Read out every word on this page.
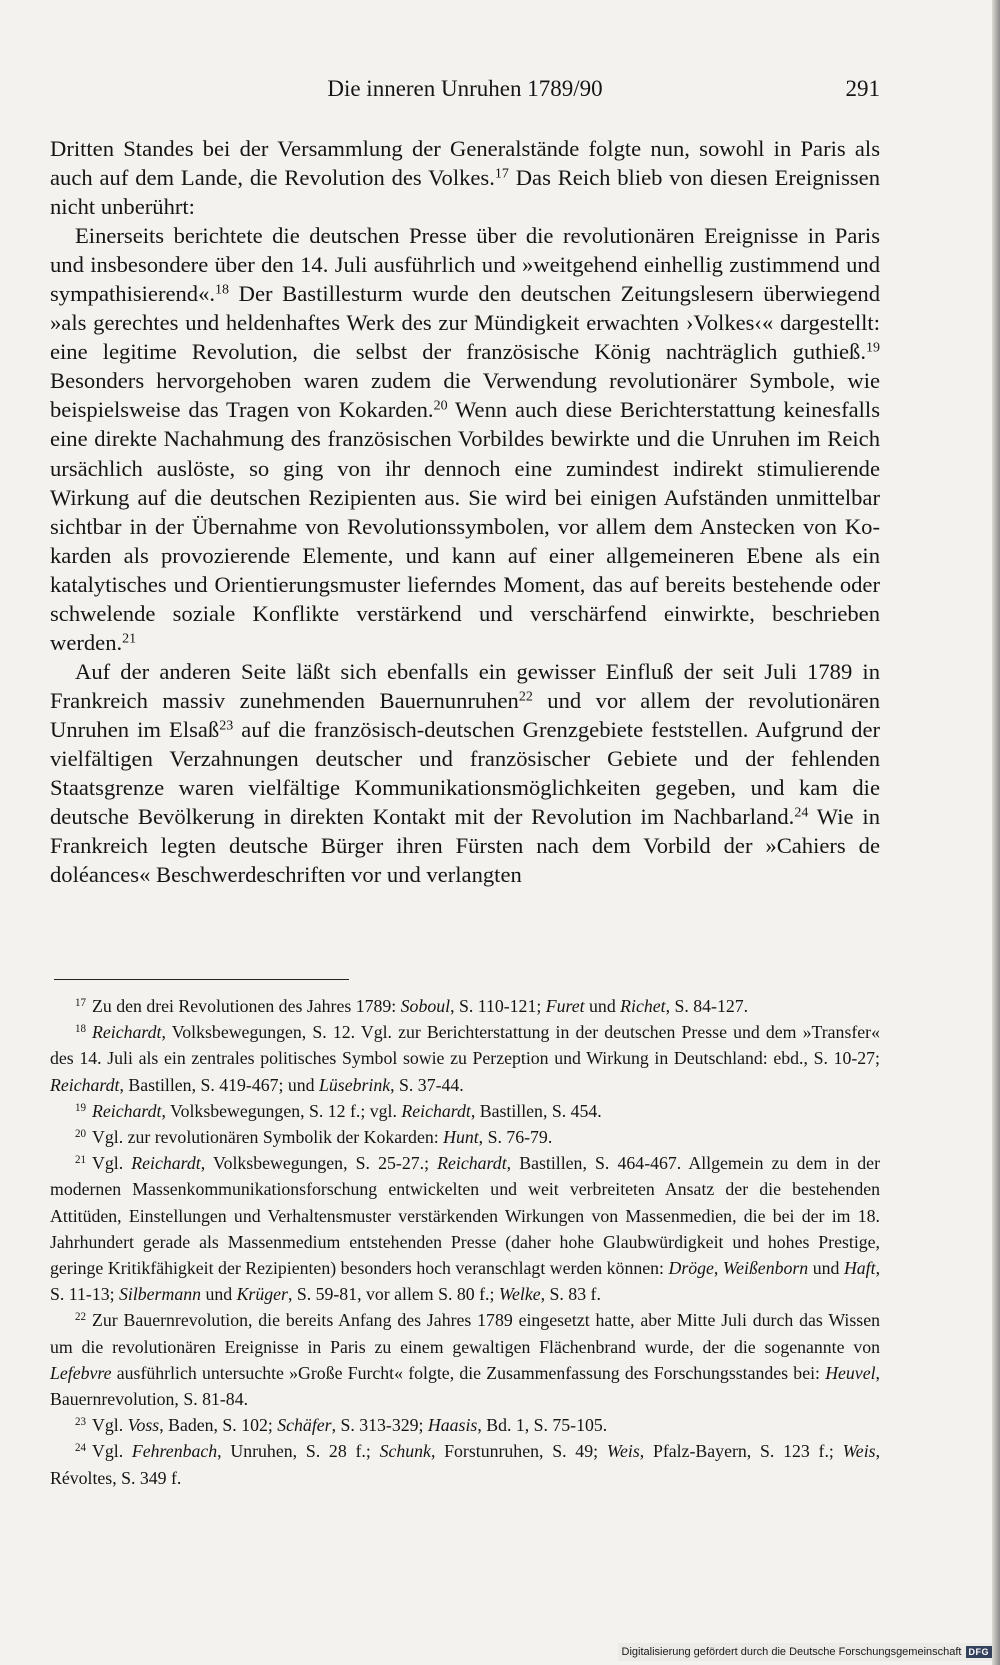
Die inneren Unruhen 1789/90	291

Dritten Standes bei der Versammlung der Generalstände folgte nun, sowohl in Paris als auch auf dem Lande, die Revolution des Volkes.$^{17}$ Das Reich blieb von diesen Ereignissen nicht unberührt:

Einerseits berichtete die deutschen Presse über die revolutionären Ereignisse in Paris und insbesondere über den 14. Juli ausführlich und »weitgehend einhellig zustimmend und sympathisierend«.$^{18}$ Der Bastillesturm wurde den deutschen Zeitungslesern überwiegend »als gerechtes und heldenhaftes Werk des zur Mündigkeit erwachten ›Volkes‹« dargestellt: eine legitime Revolution, die selbst der französische König nachträglich guthieß.$^{19}$ Besonders hervorgehoben waren zudem die Verwendung revolutionärer Symbole, wie beispielsweise das Tragen von Kokarden.$^{20}$ Wenn auch diese Berichterstattung keinesfalls eine direkte Nachahmung des französischen Vorbildes bewirkte und die Unruhen im Reich ursächlich auslöste, so ging von ihr dennoch eine zumindest indirekt stimulierende Wirkung auf die deutschen Rezipienten aus. Sie wird bei einigen Aufständen unmittelbar sichtbar in der Übernahme von Revolutionssymbolen, vor allem dem Anstecken von Kokarden als provozierende Elemente, und kann auf einer allgemeineren Ebene als ein katalytisches und Orientierungsmuster lieferndes Moment, das auf bereits bestehende oder schwelende soziale Konflikte verstärkend und verschärfend einwirkte, beschrieben werden.$^{21}$

Auf der anderen Seite läßt sich ebenfalls ein gewisser Einfluß der seit Juli 1789 in Frankreich massiv zunehmenden Bauernunruhen$^{22}$ und vor allem der revolutionären Unruhen im Elsaß$^{23}$ auf die französisch-deutschen Grenzgebiete feststellen. Aufgrund der vielfältigen Verzahnungen deutscher und französischer Gebiete und der fehlenden Staatsgrenze waren vielfältige Kommunikationsmöglichkeiten gegeben, und kam die deutsche Bevölkerung in direkten Kontakt mit der Revolution im Nachbarland.$^{24}$ Wie in Frankreich legten deutsche Bürger ihren Fürsten nach dem Vorbild der »Cahiers de doléances« Beschwerdeschriften vor und verlangten

$^{17}$ Zu den drei Revolutionen des Jahres 1789: Soboul, S. 110-121; Furet und Richet, S. 84-127.

$^{18}$ Reichardt, Volksbewegungen, S. 12. Vgl. zur Berichterstattung in der deutschen Presse und dem »Transfer« des 14. Juli als ein zentrales politisches Symbol sowie zu Perzeption und Wirkung in Deutschland: ebd., S. 10-27; Reichardt, Bastillen, S. 419-467; und Lüsebrink, S. 37-44.

$^{19}$ Reichardt, Volksbewegungen, S. 12 f.; vgl. Reichardt, Bastillen, S. 454.

$^{20}$ Vgl. zur revolutionären Symbolik der Kokarden: Hunt, S. 76-79.

$^{21}$ Vgl. Reichardt, Volksbewegungen, S. 25-27.; Reichardt, Bastillen, S. 464-467. Allgemein zu dem in der modernen Massenkommunikationsforschung entwickelten und weit verbreiteten Ansatz der die bestehenden Attitüden, Einstellungen und Verhaltensmuster verstärkenden Wirkungen von Massenmedien, die bei der im 18. Jahrhundert gerade als Massenmedium entstehenden Presse (daher hohe Glaubwürdigkeit und hohes Prestige, geringe Kritikfähigkeit der Rezipienten) besonders hoch veranschlagt werden können: Dröge, Weißenborn und Haft, S. 11-13; Silbermann und Krüger, S. 59-81, vor allem S. 80 f.; Welke, S. 83 f.

$^{22}$ Zur Bauernrevolution, die bereits Anfang des Jahres 1789 eingesetzt hatte, aber Mitte Juli durch das Wissen um die revolutionären Ereignisse in Paris zu einem gewaltigen Flächenbrand wurde, der die sogenannte von Lefebvre ausführlich untersuchte »Große Furcht« folgte, die Zusammenfassung des Forschungsstandes bei: Heuvel, Bauernrevolution, S. 81-84.

$^{23}$ Vgl. Voss, Baden, S. 102; Schäfer, S. 313-329; Haasis, Bd. 1, S. 75-105.

$^{24}$ Vgl. Fehrenbach, Unruhen, S. 28 f.; Schunk, Forstunruhen, S. 49; Weis, Pfalz-Bayern, S. 123 f.; Weis, Révoltes, S. 349 f.

Digitalisierung gefördert durch die Deutsche Forschungsgemeinschaft DFG
